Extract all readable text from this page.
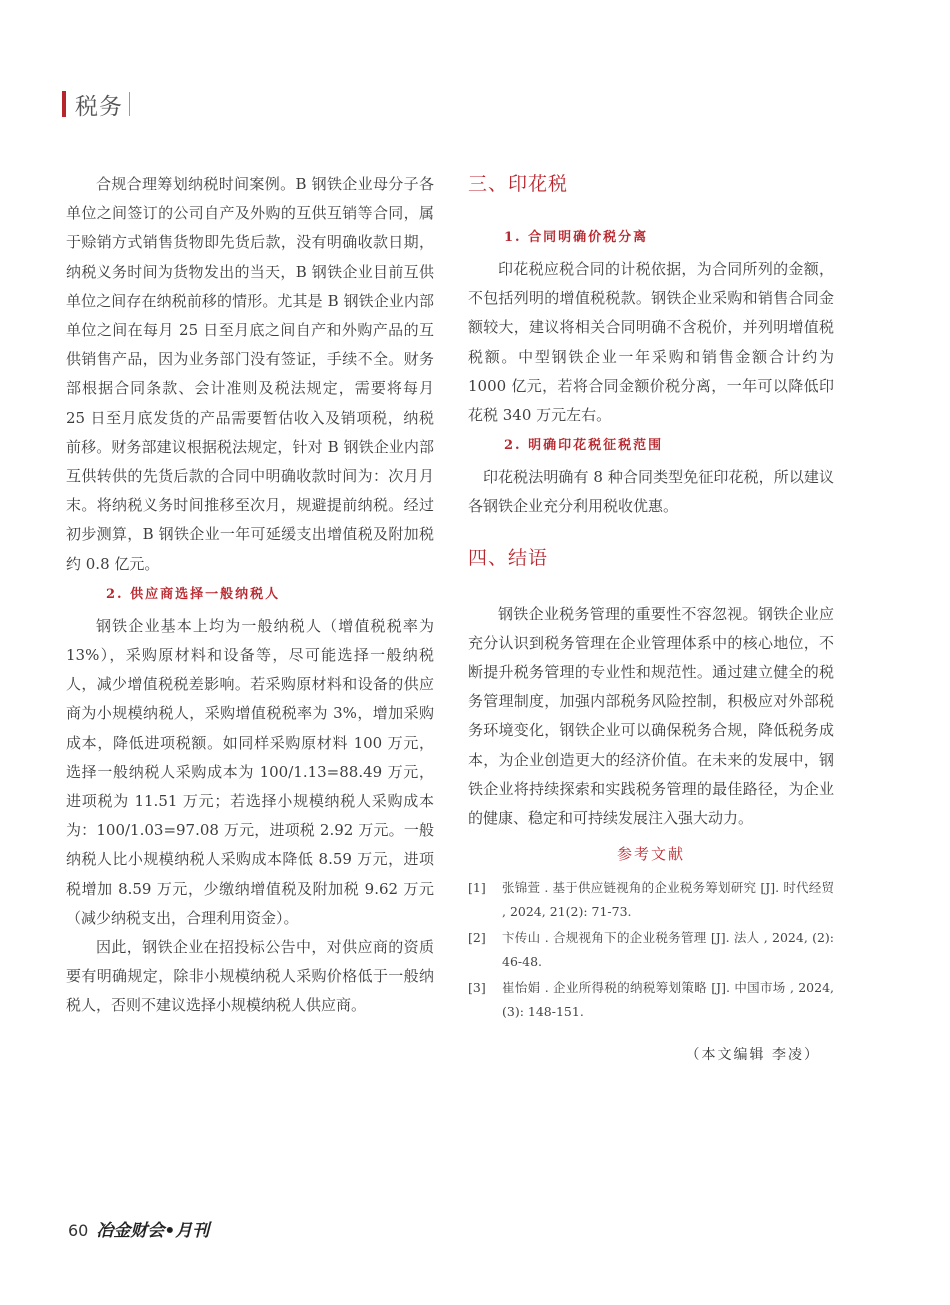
税务

合规合理筹划纳税时间案例。B 钢铁企业母分子各单位之间签订的公司自产及外购的互供互销等合同，属于赊销方式销售货物即先货后款，没有明确收款日期，纳税义务时间为货物发出的当天，B 钢铁企业目前互供单位之间存在纳税前移的情形。尤其是 B 钢铁企业内部单位之间在每月 25 日至月底之间自产和外购产品的互供销售产品，因为业务部门没有签证，手续不全。财务部根据合同条款、会计准则及税法规定，需要将每月 25 日至月底发货的产品需要暂估收入及销项税，纳税前移。财务部建议根据税法规定，针对 B 钢铁企业内部互供转供的先货后款的合同中明确收款时间为：次月月末。将纳税义务时间推移至次月，规避提前纳税。经过初步测算，B 钢铁企业一年可延缓支出增值税及附加税约 0.8 亿元。

2. 供应商选择一般纳税人

钢铁企业基本上均为一般纳税人（增值税税率为 13%），采购原材料和设备等，尽可能选择一般纳税人，减少增值税税差影响。若采购原材料和设备的供应商为小规模纳税人，采购增值税税率为 3%，增加采购成本，降低进项税额。如同样采购原材料 100 万元，选择一般纳税人采购成本为 100/1.13=88.49 万元，进项税为 11.51 万元；若选择小规模纳税人采购成本为：100/1.03=97.08 万元，进项税 2.92 万元。一般纳税人比小规模纳税人采购成本降低 8.59 万元，进项税增加 8.59 万元，少缴纳增值税及附加税 9.62 万元（减少纳税支出，合理利用资金）。

因此，钢铁企业在招投标公告中，对供应商的资质要有明确规定，除非小规模纳税人采购价格低于一般纳税人，否则不建议选择小规模纳税人供应商。

三、印花税
1. 合同明确价税分离

印花税应税合同的计税依据，为合同所列的金额，不包括列明的增值税税款。钢铁企业采购和销售合同金额较大，建议将相关合同明确不含税价，并列明增值税税额。中型钢铁企业一年采购和销售金额合计约为 1000 亿元，若将合同金额价税分离，一年可以降低印花税 340 万元左右。

2. 明确印花税征税范围

印花税法明确有 8 种合同类型免征印花税，所以建议各钢铁企业充分利用税收优惠。

四、结语

钢铁企业税务管理的重要性不容忽视。钢铁企业应充分认识到税务管理在企业管理体系中的核心地位，不断提升税务管理的专业性和规范性。通过建立健全的税务管理制度，加强内部税务风险控制，积极应对外部税务环境变化，钢铁企业可以确保税务合规，降低税务成本，为企业创造更大的经济价值。在未来的发展中，钢铁企业将持续探索和实践税务管理的最佳路径，为企业的健康、稳定和可持续发展注入强大动力。

参考文献
[1]	张锦萱 . 基于供应链视角的企业税务筹划研究 [J]. 时代经贸 , 2024, 21(2): 71-73.
[2]	卞传山 . 合规视角下的企业税务管理 [J]. 法人 , 2024, (2): 46-48.
[3]	崔怡娟 . 企业所得税的纳税筹划策略 [J]. 中国市场 , 2024, (3): 148-151.
（本文编辑 李凌）
60 冶金财会•月刊
